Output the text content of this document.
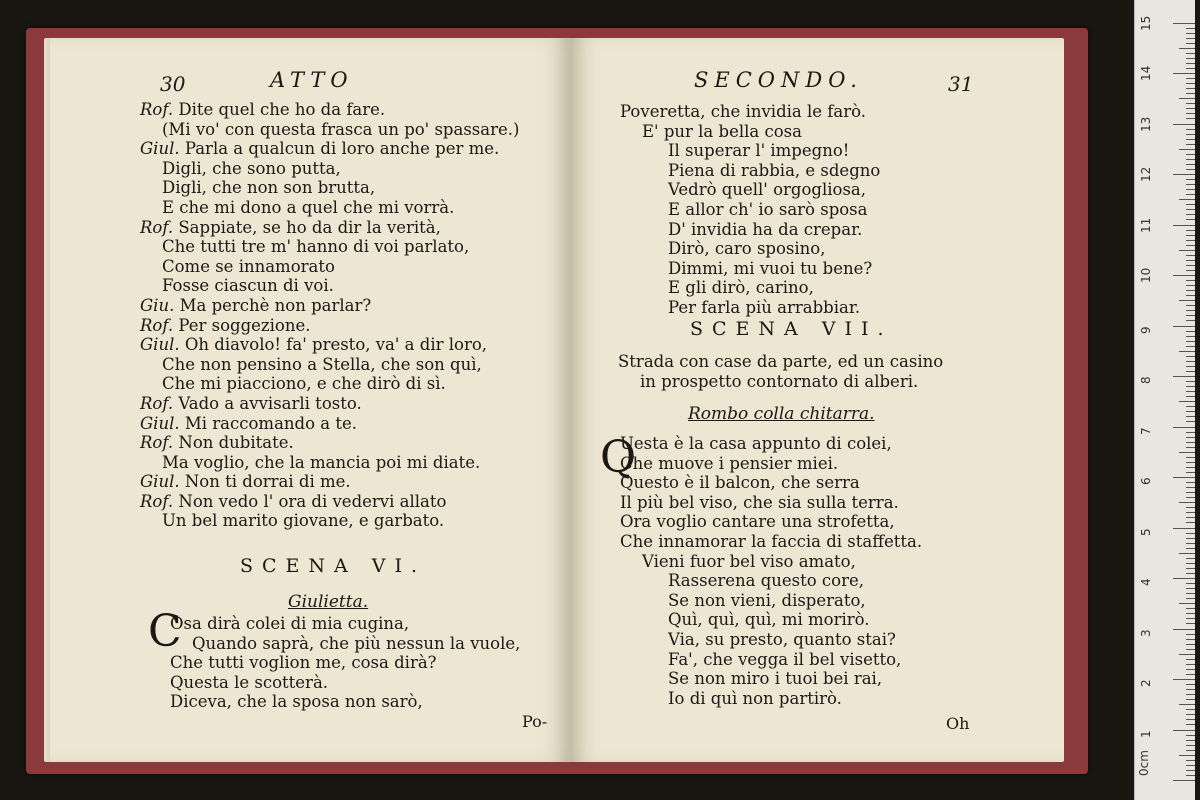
30	ATTO
Rof. Dite quel che ho da fare.
(Mi vo' con questa frasca un po' spassare.)
Giul. Parla a qualcun di loro anche per me.
Digli, che sono putta,
Digli, che non son brutta,
E che mi dono a quel che mi vorrà.
Rof. Sappiate, se ho da dir la verità,
Che tutti tre m' hanno di voi parlato,
Come se innamorato
Fosse ciascun di voi.
Giu. Ma perchè non parlar?
Rof. Per soggezione.
Giul. Oh diavolo! fa' presto, va' a dir loro,
Che non pensino a Stella, che son quì,
Che mi piacciono, e che dirò di sì.
Rof. Vado a avvisarli tosto.
Giul. Mi raccomando a te.
Rof. Non dubitate.
Ma voglio, che la mancia poi mi diate.
Giul. Non ti dorrai di me.
Rof. Non vedo l' ora di vedervi allato
Un bel marito giovane, e garbato.
SCENA VI.
Giulietta.
C
Osa dirà colei di mia cugina,
Quando saprà, che più nessun la vuole,
Che tutti voglion me, cosa dirà?
Questa le scotterà.
Diceva, che la sposa non sarò,
Po-
SECONDO.	31
Poveretta, che invidia le farò.
E' pur la bella cosa
Il superar l' impegno!
Piena di rabbia, e sdegno
Vedrò quell' orgogliosa,
E allor ch' io sarò sposa
D' invidia ha da crepar.
Dirò, caro sposino,
Dimmi, mi vuoi tu bene?
E gli dirò, carino,
Per farla più arrabbiar.
SCENA VII.
Strada con case da parte, ed un casino
in prospetto contornato di alberi.
Rombo colla chitarra.
Q
Uesta è la casa appunto di colei,
Che muove i pensier miei.
Questo è il balcon, che serra
Il più bel viso, che sia sulla terra.
Ora voglio cantare una strofetta,
Che innamorar la faccia di staffetta.
Vieni fuor bel viso amato,
Rasserena questo core,
Se non vieni, disperato,
Quì, quì, quì, mi morirò.
Via, su presto, quanto stai?
Fa', che vegga il bel visetto,
Se non miro i tuoi bei rai,
Io di quì non partirò.
Oh
0cm
1
2
3
4
5
6
7
8
9
10
11
12
13
14
15
